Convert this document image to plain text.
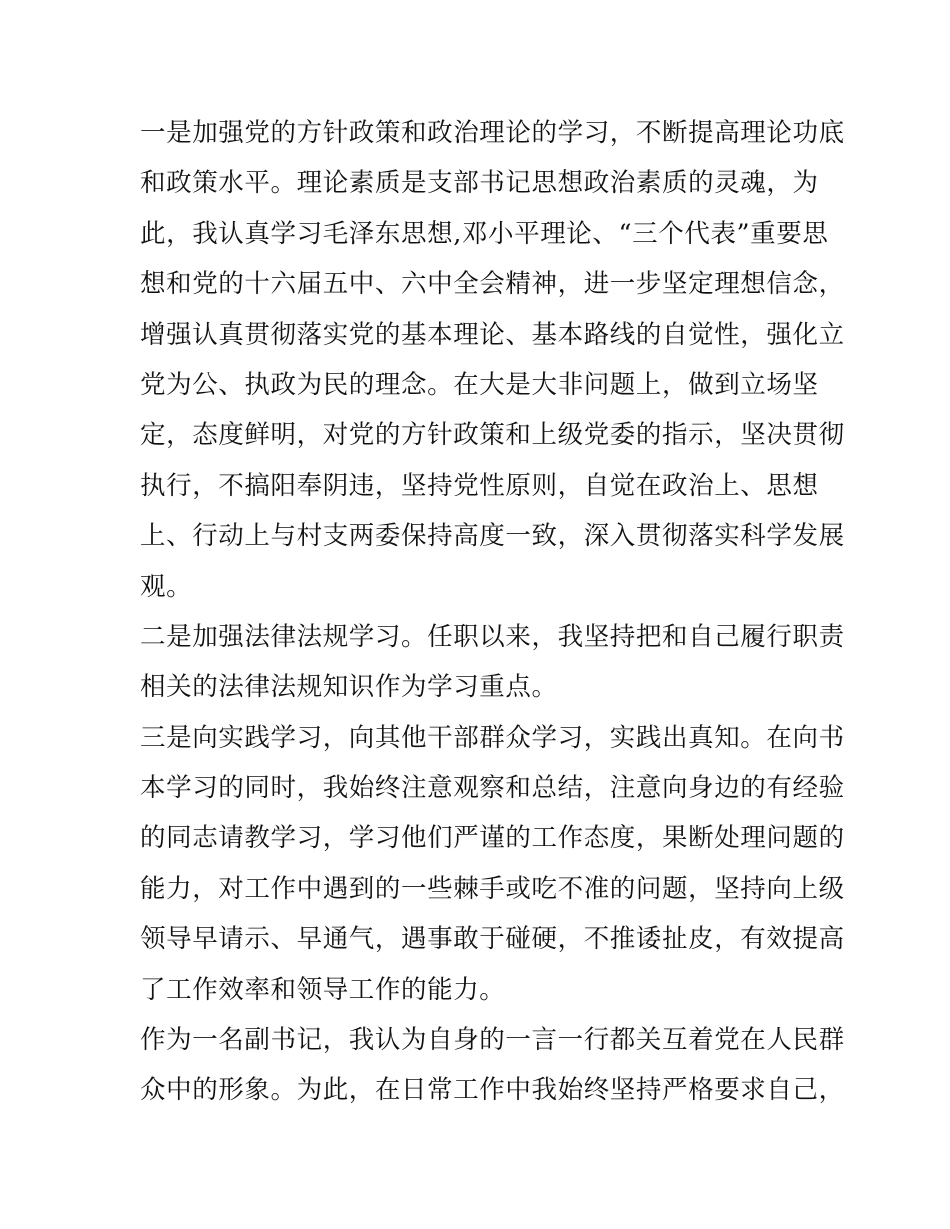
一是加强党的方针政策和政治理论的学习，不断提高理论功底
和政策水平。理论素质是支部书记思想政治素质的灵魂，为
此，我认真学习毛泽东思想,邓小平理论、“三个代表”重要思
想和党的十六届五中、六中全会精神，进一步坚定理想信念，
增强认真贯彻落实党的基本理论、基本路线的自觉性，强化立
党为公、执政为民的理念。在大是大非问题上，做到立场坚
定，态度鲜明，对党的方针政策和上级党委的指示，坚决贯彻
执行，不搞阳奉阴违，坚持党性原则，自觉在政治上、思想
上、行动上与村支两委保持高度一致，深入贯彻落实科学发展
观。
二是加强法律法规学习。任职以来，我坚持把和自己履行职责
相关的法律法规知识作为学习重点。
三是向实践学习，向其他干部群众学习，实践出真知。在向书
本学习的同时，我始终注意观察和总结，注意向身边的有经验
的同志请教学习，学习他们严谨的工作态度，果断处理问题的
能力，对工作中遇到的一些棘手或吃不准的问题，坚持向上级
领导早请示、早通气，遇事敢于碰硬，不推诿扯皮，有效提高
了工作效率和领导工作的能力。
作为一名副书记，我认为自身的一言一行都关互着党在人民群
众中的形象。为此，在日常工作中我始终坚持严格要求自己，
